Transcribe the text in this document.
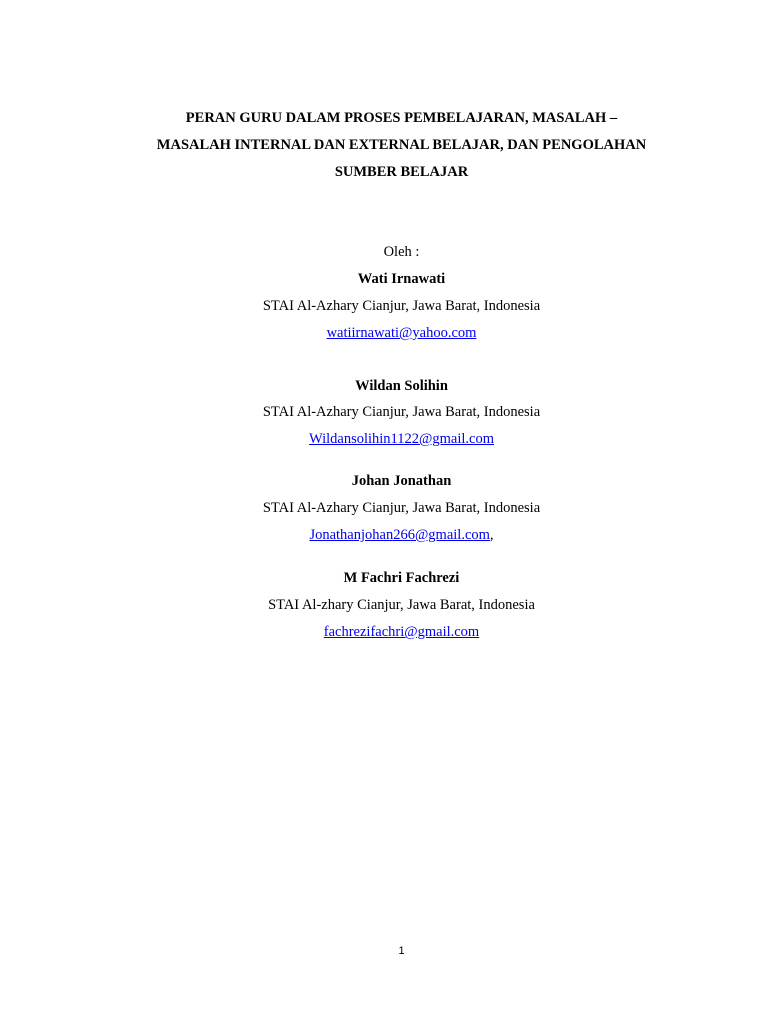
PERAN GURU DALAM PROSES PEMBELAJARAN, MASALAH –
MASALAH INTERNAL DAN EXTERNAL BELAJAR, DAN PENGOLAHAN
SUMBER BELAJAR
Oleh :
Wati Irnawati
STAI Al-Azhary Cianjur, Jawa Barat, Indonesia
watiirnawati@yahoo.com
Wildan Solihin
STAI Al-Azhary Cianjur, Jawa Barat, Indonesia
Wildansolihin1122@gmail.com
Johan Jonathan
STAI Al-Azhary Cianjur, Jawa Barat, Indonesia
Jonathanjohan266@gmail.com,
M Fachri Fachrezi
STAI Al-zhary Cianjur, Jawa Barat, Indonesia
fachrezifachri@gmail.com
1
